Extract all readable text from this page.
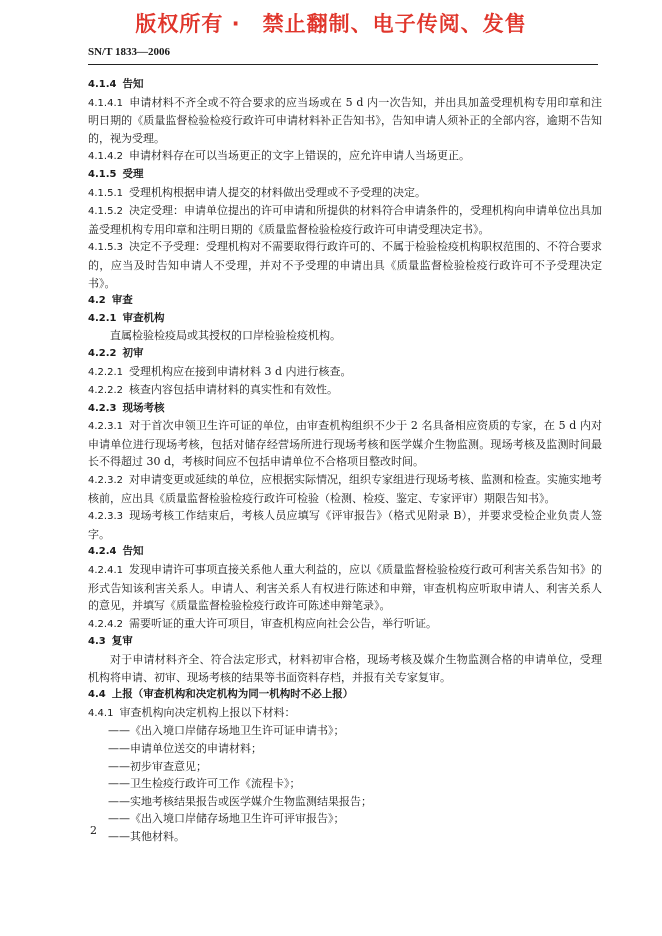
版权所有 ·　禁止翻制、电子传阅、发售
SN/T 1833—2006

4.1.4 告知

4.1.4.1 申请材料不齐全或不符合要求的应当场或在 5 d 内一次告知，并出具加盖受理机构专用印章和注明日期的《质量监督检验检疫行政许可申请材料补正告知书》，告知申请人须补正的全部内容，逾期不告知的，视为受理。

4.1.4.2 申请材料存在可以当场更正的文字上错误的，应允许申请人当场更正。

4.1.5 受理

4.1.5.1 受理机构根据申请人提交的材料做出受理或不予受理的决定。

4.1.5.2 决定受理：申请单位提出的许可申请和所提供的材料符合申请条件的，受理机构向申请单位出具加盖受理机构专用印章和注明日期的《质量监督检验检疫行政许可申请受理决定书》。

4.1.5.3 决定不予受理：受理机构对不需要取得行政许可的、不属于检验检疫机构职权范围的、不符合要求的，应当及时告知申请人不受理，并对不予受理的申请出具《质量监督检验检疫行政许可不予受理决定书》。

4.2 审查

4.2.1 审查机构

直属检验检疫局或其授权的口岸检验检疫机构。

4.2.2 初审

4.2.2.1 受理机构应在接到申请材料 3 d 内进行核查。

4.2.2.2 核查内容包括申请材料的真实性和有效性。

4.2.3 现场考核

4.2.3.1 对于首次申领卫生许可证的单位，由审查机构组织不少于 2 名具备相应资质的专家，在 5 d 内对申请单位进行现场考核，包括对储存经营场所进行现场考核和医学媒介生物监测。现场考核及监测时间最长不得超过 30 d，考核时间应不包括申请单位不合格项目整改时间。

4.2.3.2 对申请变更或延续的单位，应根据实际情况，组织专家组进行现场考核、监测和检查。实施实地考核前，应出具《质量监督检验检疫行政许可检验（检测、检疫、鉴定、专家评审）期限告知书》。

4.2.3.3 现场考核工作结束后，考核人员应填写《评审报告》（格式见附录 B），并要求受检企业负责人签字。

4.2.4 告知

4.2.4.1 发现申请许可事项直接关系他人重大利益的，应以《质量监督检验检疫行政可利害关系告知书》的形式告知该利害关系人。申请人、利害关系人有权进行陈述和申辩，审查机构应听取申请人、利害关系人的意见，并填写《质量监督检验检疫行政许可陈述申辩笔录》。

4.2.4.2 需要听证的重大许可项目，审查机构应向社会公告，举行听证。

4.3 复审

对于申请材料齐全、符合法定形式，材料初审合格，现场考核及媒介生物监测合格的申请单位，受理机构将申请、初审、现场考核的结果等书面资料存档，并报有关专家复审。

4.4 上报（审查机构和决定机构为同一机构时不必上报）

4.4.1 审查机构向决定机构上报以下材料：

——《出入境口岸储存场地卫生许可证申请书》；

——申请单位送交的申请材料；

——初步审查意见；

——卫生检疫行政许可工作《流程卡》；

——实地考核结果报告或医学媒介生物监测结果报告；

——《出入境口岸储存场地卫生许可评审报告》；

——其他材料。

2
